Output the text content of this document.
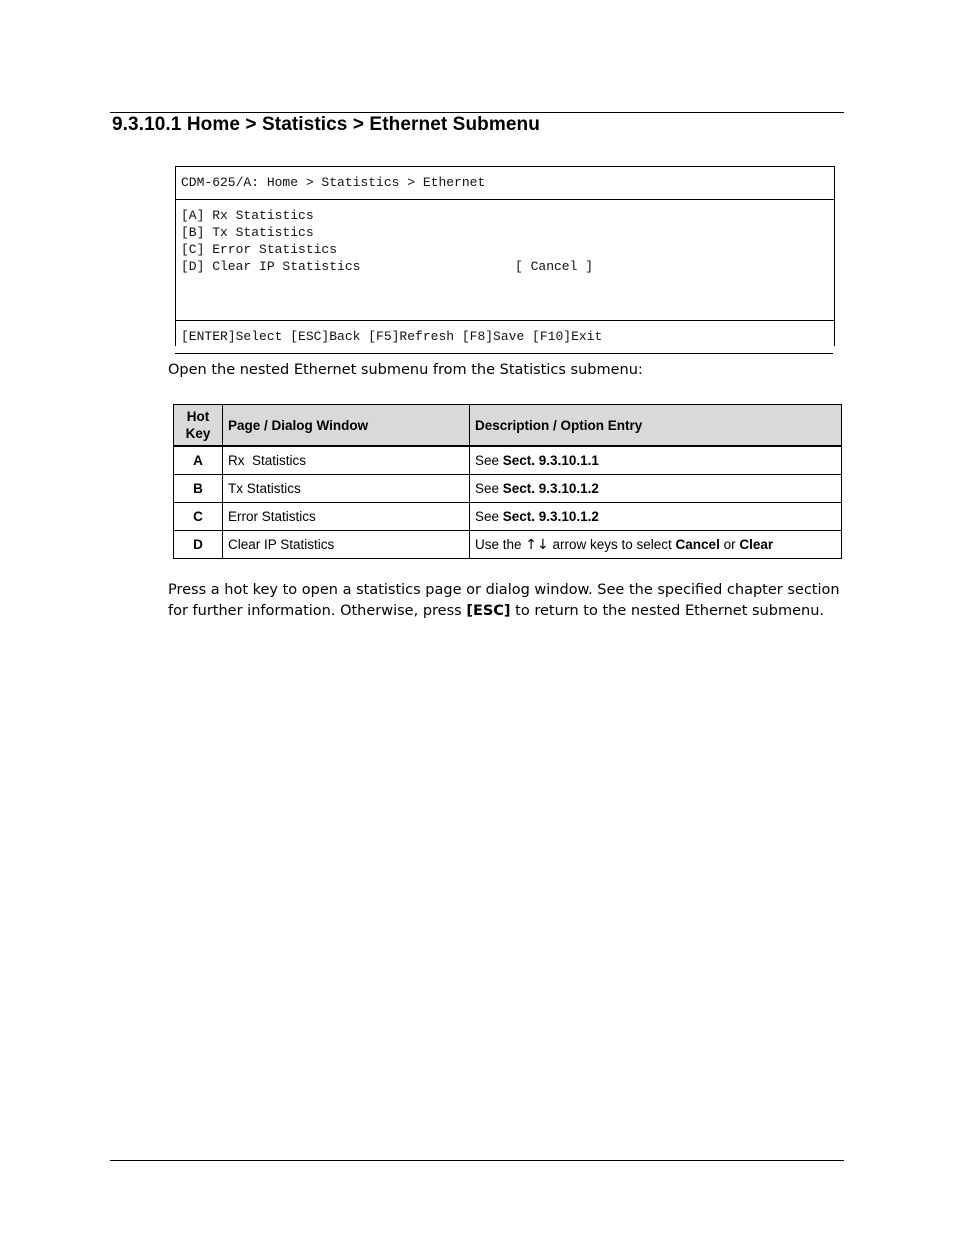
9.3.10.1 Home > Statistics > Ethernet Submenu
CDM-625/A: Home > Statistics > Ethernet
[A] Rx Statistics
[B] Tx Statistics
[C] Error Statistics
[D] Clear IP Statistics	[ Cancel ]
[ENTER]Select [ESC]Back [F5]Refresh [F8]Save [F10]Exit
Open the nested Ethernet submenu from the Statistics submenu:
Hot
Key	Page / Dialog Window	Description / Option Entry
A	Rx  Statistics	See Sect. 9.3.10.1.1
B	Tx Statistics	See Sect. 9.3.10.1.2
C	Error Statistics	See Sect. 9.3.10.1.2
D	Clear IP Statistics	Use the ↑↓ arrow keys to select Cancel or Clear
Press a hot key to open a statistics page or dialog window. See the specified chapter section for further information. Otherwise, press [ESC] to return to the nested Ethernet submenu.
